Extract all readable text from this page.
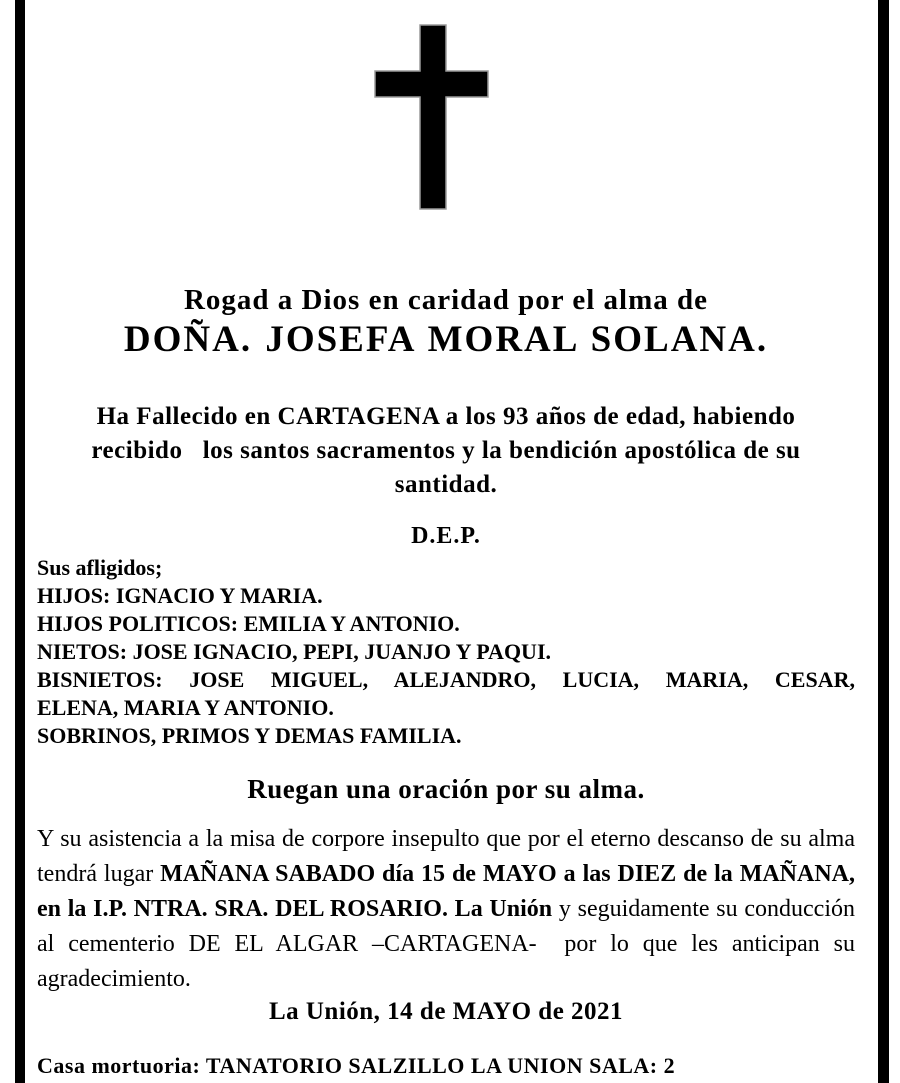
Rogad a Dios en caridad por el alma de
DOÑA. JOSEFA MORAL SOLANA.
Ha Fallecido en CARTAGENA a los 93 años de edad, habiendo
recibido   los santos sacramentos y la bendición apostólica de su
santidad.
D.E.P.
Sus afligidos;
HIJOS: IGNACIO Y MARIA.
HIJOS POLITICOS: EMILIA Y ANTONIO.
NIETOS: JOSE IGNACIO, PEPI, JUANJO Y PAQUI.
BISNIETOS: JOSE MIGUEL, ALEJANDRO, LUCIA, MARIA, CESAR,
ELENA, MARIA Y ANTONIO.
SOBRINOS, PRIMOS Y DEMAS FAMILIA.
Ruegan una oración por su alma.
Y su asistencia a la misa de corpore insepulto que por el eterno descanso de su alma
tendrá lugar MAÑANA SABADO día 15 de MAYO a las DIEZ de la MAÑANA,
en la I.P. NTRA. SRA. DEL ROSARIO. La Unión y seguidamente su conducción
al cementerio DE EL ALGAR –CARTAGENA-  por lo que les anticipan su
agradecimiento.
La Unión, 14 de MAYO de 2021
Casa mortuoria: TANATORIO SALZILLO LA UNION SALA: 2
